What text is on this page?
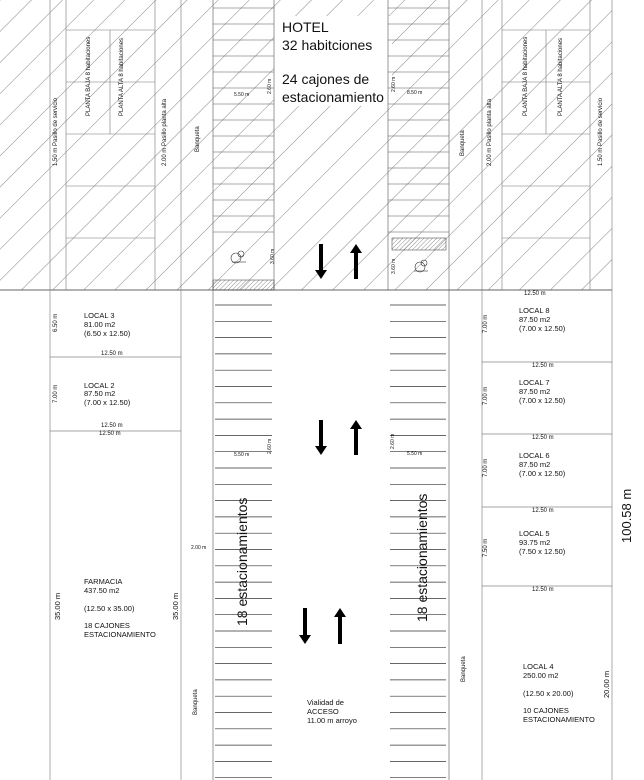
HOTEL
32 habitciones
24 cajones de
estacionamiento
1.50 m Pasillo de servicio
PLANTA BAJA 8 habitaciones	PLANTA ALTA 8 habitaciones
2.00 m Pasillo planta alta	Banqueta	Banqueta	2.00 m Pasillo planta alta
PLANTA BAJA 8 habitaciones	PLANTA ALTA 8 habitaciones
1.50 m Pasillo de servicio
5.50 m	8.50 m
2.60 m	2.60 m
3.60 m
3.60 m
5.50 m	5.50 m
2.60 m	2.60 m
LOCAL 3
81.00 m2
(6.50 x 12.50)
6.50 m
12.50 m
LOCAL 2
87.50 m2
(7.00 x 12.50)
7.00 m
12.50 m
12.50 m
FARMACIA
437.50 m2
(12.50 x 35.00)
18 CAJONES
ESTACIONAMIENTO
35.00 m	35.00 m
2.00 m
12.50 m
LOCAL 8
87.50 m2
(7.00 x 12.50)
7.00 m
12.50 m
LOCAL 7
87.50 m2
(7.00 x 12.50)
7.00 m
12.50 m
LOCAL 6
87.50 m2
(7.00 x 12.50)
7.00 m
12.50 m
LOCAL 5
93.75 m2
(7.50 x 12.50)
7.50 m
12.50 m
LOCAL 4
250.00 m2
(12.50 x 20.00)
10 CAJONES
ESTACIONAMIENTO
20.00 m
Vialidad de
ACCESO
11.00 m arroyo
18 estacionamientos	18 estacionamientos
Banqueta
Banqueta
100.58 m
